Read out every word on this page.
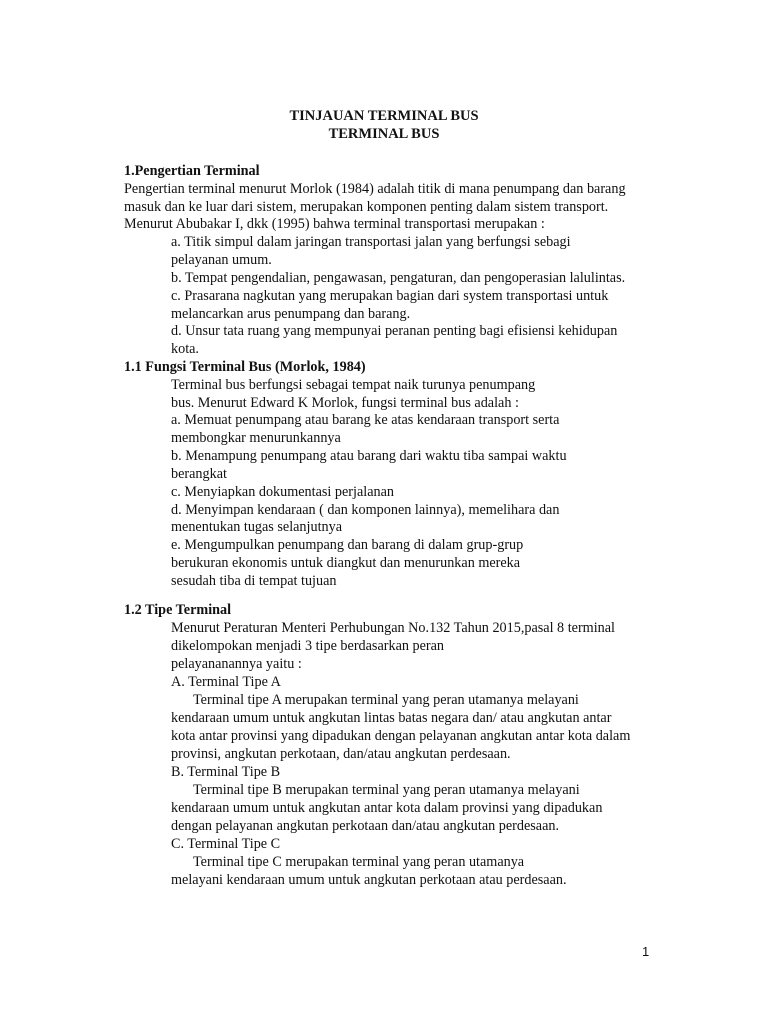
TINJAUAN TERMINAL BUS
TERMINAL BUS
1.Pengertian Terminal
Pengertian terminal menurut Morlok (1984) adalah titik di mana penumpang dan barang
masuk dan ke luar dari sistem, merupakan komponen penting dalam sistem transport.
Menurut Abubakar I, dkk (1995) bahwa terminal transportasi merupakan :
a. Titik simpul dalam jaringan transportasi jalan yang berfungsi sebagi
pelayanan umum.
b. Tempat pengendalian, pengawasan, pengaturan, dan pengoperasian lalulintas.
c. Prasarana nagkutan yang merupakan bagian dari system transportasi untuk
melancarkan arus penumpang dan barang.
d. Unsur tata ruang yang mempunyai peranan penting bagi efisiensi kehidupan
kota.
1.1 Fungsi Terminal Bus (Morlok, 1984)
Terminal bus berfungsi sebagai tempat naik turunya penumpang
bus. Menurut Edward K Morlok, fungsi terminal bus adalah :
a. Memuat penumpang atau barang ke atas kendaraan transport serta
membongkar menurunkannya
b. Menampung penumpang atau barang dari waktu tiba sampai waktu
berangkat
c. Menyiapkan dokumentasi perjalanan
d. Menyimpan kendaraan ( dan komponen lainnya), memelihara dan
menentukan tugas selanjutnya
e. Mengumpulkan penumpang dan barang di dalam grup-grup
berukuran ekonomis untuk diangkut dan menurunkan mereka
sesudah tiba di tempat tujuan
1.2 Tipe Terminal
Menurut Peraturan Menteri Perhubungan No.132 Tahun 2015,pasal 8 terminal
dikelompokan menjadi 3 tipe berdasarkan peran
pelayananannya yaitu :
A. Terminal Tipe A
Terminal tipe A merupakan terminal yang peran utamanya melayani
kendaraan umum untuk angkutan lintas batas negara dan/ atau angkutan antar
kota antar provinsi yang dipadukan dengan pelayanan angkutan antar kota dalam
provinsi, angkutan perkotaan, dan/atau angkutan perdesaan.
B. Terminal Tipe B
Terminal tipe B merupakan terminal yang peran utamanya melayani
kendaraan umum untuk angkutan antar kota dalam provinsi yang dipadukan
dengan pelayanan angkutan perkotaan dan/atau angkutan perdesaan.
C. Terminal Tipe C
Terminal tipe C merupakan terminal yang peran utamanya
melayani kendaraan umum untuk angkutan perkotaan atau perdesaan.
1
